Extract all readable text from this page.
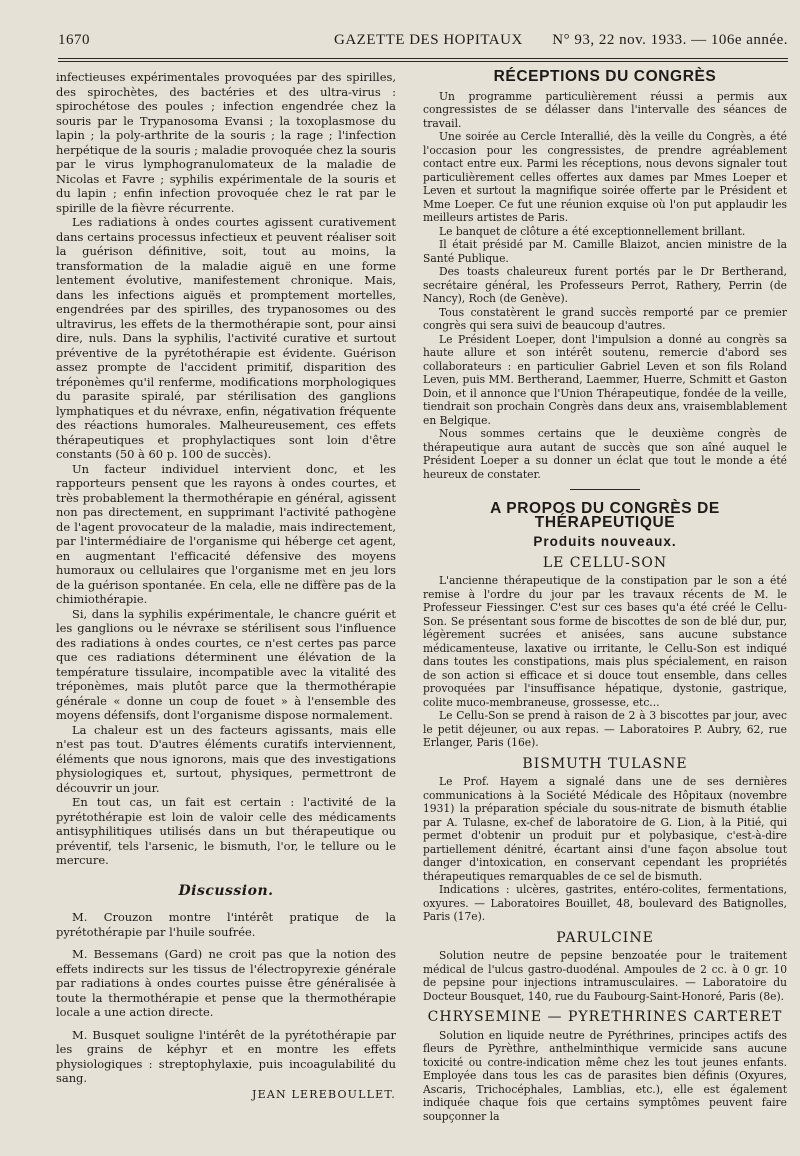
1670	GAZETTE DES HOPITAUX N° 93, 22 nov. 1933. — 106e année.

infectieuses expérimentales provoquées par des spirilles, des spirochètes, des bactéries et des ultra-virus : spirochétose des poules ; infection engendrée chez la souris par le Trypanosoma Evansi ; la toxoplasmose du lapin ; la poly-arthrite de la souris ; la rage ; l'infection herpétique de la souris ; maladie provoquée chez la souris par le virus lymphogranulomateux de la maladie de Nicolas et Favre ; syphilis expérimentale de la souris et du lapin ; enfin infection provoquée chez le rat par le spirille de la fièvre récurrente.

Les radiations à ondes courtes agissent curativement dans certains processus infectieux et peuvent réaliser soit la guérison définitive, soit, tout au moins, la transformation de la maladie aiguë en une forme lentement évolutive, manifestement chronique. Mais, dans les infections aiguës et promptement mortelles, engendrées par des spirilles, des trypanosomes ou des ultravirus, les effets de la thermothérapie sont, pour ainsi dire, nuls. Dans la syphilis, l'activité curative et surtout préventive de la pyrétothérapie est évidente. Guérison assez prompte de l'accident primitif, disparition des tréponèmes qu'il renferme, modifications morphologiques du parasite spiralé, par stérilisation des ganglions lymphatiques et du névraxe, enfin, négativation fréquente des réactions humorales. Malheureusement, ces effets thérapeutiques et prophylactiques sont loin d'être constants (50 à 60 p. 100 de succès).

Un facteur individuel intervient donc, et les rapporteurs pensent que les rayons à ondes courtes, et très probablement la thermothérapie en général, agissent non pas directement, en supprimant l'activité pathogène de l'agent provocateur de la maladie, mais indirectement, par l'intermédiaire de l'organisme qui héberge cet agent, en augmentant l'efficacité défensive des moyens humoraux ou cellulaires que l'organisme met en jeu lors de la guérison spontanée. En cela, elle ne diffère pas de la chimiothérapie.

Si, dans la syphilis expérimentale, le chancre guérit et les ganglions ou le névraxe se stérilisent sous l'influence des radiations à ondes courtes, ce n'est certes pas parce que ces radiations déterminent une élévation de la température tissulaire, incompatible avec la vitalité des tréponèmes, mais plutôt parce que la thermothérapie générale « donne un coup de fouet » à l'ensemble des moyens défensifs, dont l'organisme dispose normalement.

La chaleur est un des facteurs agissants, mais elle n'est pas tout. D'autres éléments curatifs interviennent, éléments que nous ignorons, mais que des investigations physiologiques et, surtout, physiques, permettront de découvrir un jour.

En tout cas, un fait est certain : l'activité de la pyrétothérapie est loin de valoir celle des médicaments antisyphilitiques utilisés dans un but thérapeutique ou préventif, tels l'arsenic, le bismuth, l'or, le tellure ou le mercure.

Discussion.

M. Crouzon montre l'intérêt pratique de la pyrétothérapie par l'huile soufrée.

M. Bessemans (Gard) ne croit pas que la notion des effets indirects sur les tissus de l'électropyrexie générale par radiations à ondes courtes puisse être généralisée à toute la thermothérapie et pense que la thermothérapie locale a une action directe.

M. Busquet souligne l'intérêt de la pyrétothérapie par les grains de képhyr et en montre les effets physiologiques : streptophylaxie, puis incoagulabilité du sang.

JEAN LEREBOULLET.

RÉCEPTIONS DU CONGRÈS

Un programme particulièrement réussi a permis aux congressistes de se délasser dans l'intervalle des séances de travail.

Une soirée au Cercle Interallié, dès la veille du Congrès, a été l'occasion pour les congressistes, de prendre agréablement contact entre eux. Parmi les réceptions, nous devons signaler tout particulièrement celles offertes aux dames par Mmes Loeper et Leven et surtout la magnifique soirée offerte par le Président et Mme Loeper. Ce fut une réunion exquise où l'on put applaudir les meilleurs artistes de Paris.

Le banquet de clôture a été exceptionnellement brillant.

Il était présidé par M. Camille Blaizot, ancien ministre de la Santé Publique.

Des toasts chaleureux furent portés par le Dr Bertherand, secrétaire général, les Professeurs Perrot, Rathery, Perrin (de Nancy), Roch (de Genève).

Tous constatèrent le grand succès remporté par ce premier congrès qui sera suivi de beaucoup d'autres.

Le Président Loeper, dont l'impulsion a donné au congrès sa haute allure et son intérêt soutenu, remercie d'abord ses collaborateurs : en particulier Gabriel Leven et son fils Roland Leven, puis MM. Bertherand, Laemmer, Huerre, Schmitt et Gaston Doin, et il annonce que l'Union Thérapeutique, fondée de la veille, tiendrait son prochain Congrès dans deux ans, vraisemblablement en Belgique.

Nous sommes certains que le deuxième congrès de thérapeutique aura autant de succès que son aîné auquel le Président Loeper a su donner un éclat que tout le monde a été heureux de constater.

A PROPOS DU CONGRÈS DE THÉRAPEUTIQUE
Produits nouveaux.
LE CELLU-SON

L'ancienne thérapeutique de la constipation par le son a été remise à l'ordre du jour par les travaux récents de M. le Professeur Fiessinger. C'est sur ces bases qu'a été créé le Cellu-Son. Se présentant sous forme de biscottes de son de blé dur, pur, légèrement sucrées et anisées, sans aucune substance médicamenteuse, laxative ou irritante, le Cellu-Son est indiqué dans toutes les constipations, mais plus spécialement, en raison de son action si efficace et si douce tout ensemble, dans celles provoquées par l'insuffisance hépatique, dystonie, gastrique, colite muco-membraneuse, grossesse, etc...

Le Cellu-Son se prend à raison de 2 à 3 biscottes par jour, avec le petit déjeuner, ou aux repas. — Laboratoires P. Aubry, 62, rue Erlanger, Paris (16e).

BISMUTH TULASNE

Le Prof. Hayem a signalé dans une de ses dernières communications à la Société Médicale des Hôpitaux (novembre 1931) la préparation spéciale du sous-nitrate de bismuth établie par A. Tulasne, ex-chef de laboratoire de G. Lion, à la Pitié, qui permet d'obtenir un produit pur et polybasique, c'est-à-dire partiellement dénitré, écartant ainsi d'une façon absolue tout danger d'intoxication, en conservant cependant les propriétés thérapeutiques remarquables de ce sel de bismuth.

Indications : ulcères, gastrites, entéro-colites, fermentations, oxyures. — Laboratoires Bouillet, 48, boulevard des Batignolles, Paris (17e).

PARULCINE

Solution neutre de pepsine benzoatée pour le traitement médical de l'ulcus gastro-duodénal. Ampoules de 2 cc. à 0 gr. 10 de pepsine pour injections intramusculaires. — Laboratoire du Docteur Bousquet, 140, rue du Faubourg-Saint-Honoré, Paris (8e).

CHRYSEMINE — PYRETHRINES CARTERET

Solution en liquide neutre de Pyréthrines, principes actifs des fleurs de Pyrèthre, anthelminthique vermicide sans aucune toxicité ou contre-indication même chez les tout jeunes enfants. Employée dans tous les cas de parasites bien définis (Oxyures, Ascaris, Trichocéphales, Lamblias, etc.), elle est également indiquée chaque fois que certains symptômes peuvent faire soupçonner la
